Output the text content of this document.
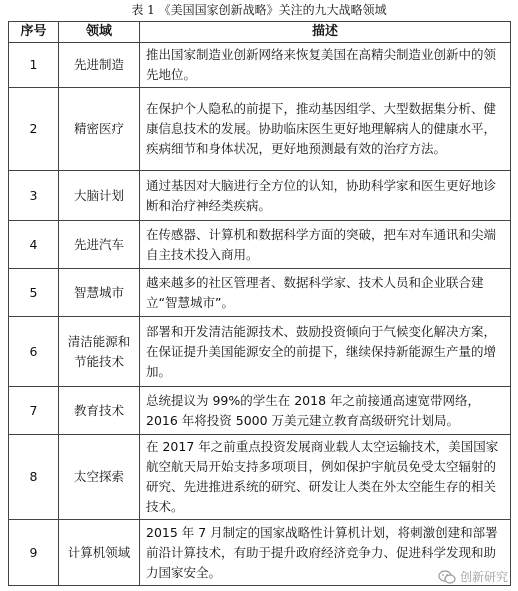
表 1 《美国国家创新战略》关注的九大战略领域
序号	领域	描述
1	先进制造	推出国家制造业创新网络来恢复美国在高精尖制造业创新中的领先地位。
2	精密医疗	在保护个人隐私的前提下，推动基因组学、大型数据集分析、健康信息技术的发展。协助临床医生更好地理解病人的健康水平，疾病细节和身体状况，更好地预测最有效的治疗方法。
3	大脑计划	通过基因对大脑进行全方位的认知，协助科学家和医生更好地诊断和治疗神经类疾病。
4	先进汽车	在传感器、计算机和数据科学方面的突破，把车对车通讯和尖端自主技术投入商用。
5	智慧城市	越来越多的社区管理者、数据科学家、技术人员和企业联合建立“智慧城市”。
6	清洁能源和节能技术	部署和开发清洁能源技术、鼓励投资倾向于气候变化解决方案，在保证提升美国能源安全的前提下，继续保持新能源生产量的增加。
7	教育技术	总统提议为 99%的学生在 2018 年之前接通高速宽带网络，2016 年将投资 5000 万美元建立教育高级研究计划局。
8	太空探索	在 2017 年之前重点投资发展商业载人太空运输技术，美国国家航空航天局开始支持多项项目，例如保护宇航员免受太空辐射的研究、先进推进系统的研究、研发让人类在外太空能生存的相关技术。
9	计算机领域	2015 年 7 月制定的国家战略性计算机计划，将刺激创建和部署前沿计算技术，有助于提升政府经济竞争力、促进科学发现和助力国家安全。	创新研究
